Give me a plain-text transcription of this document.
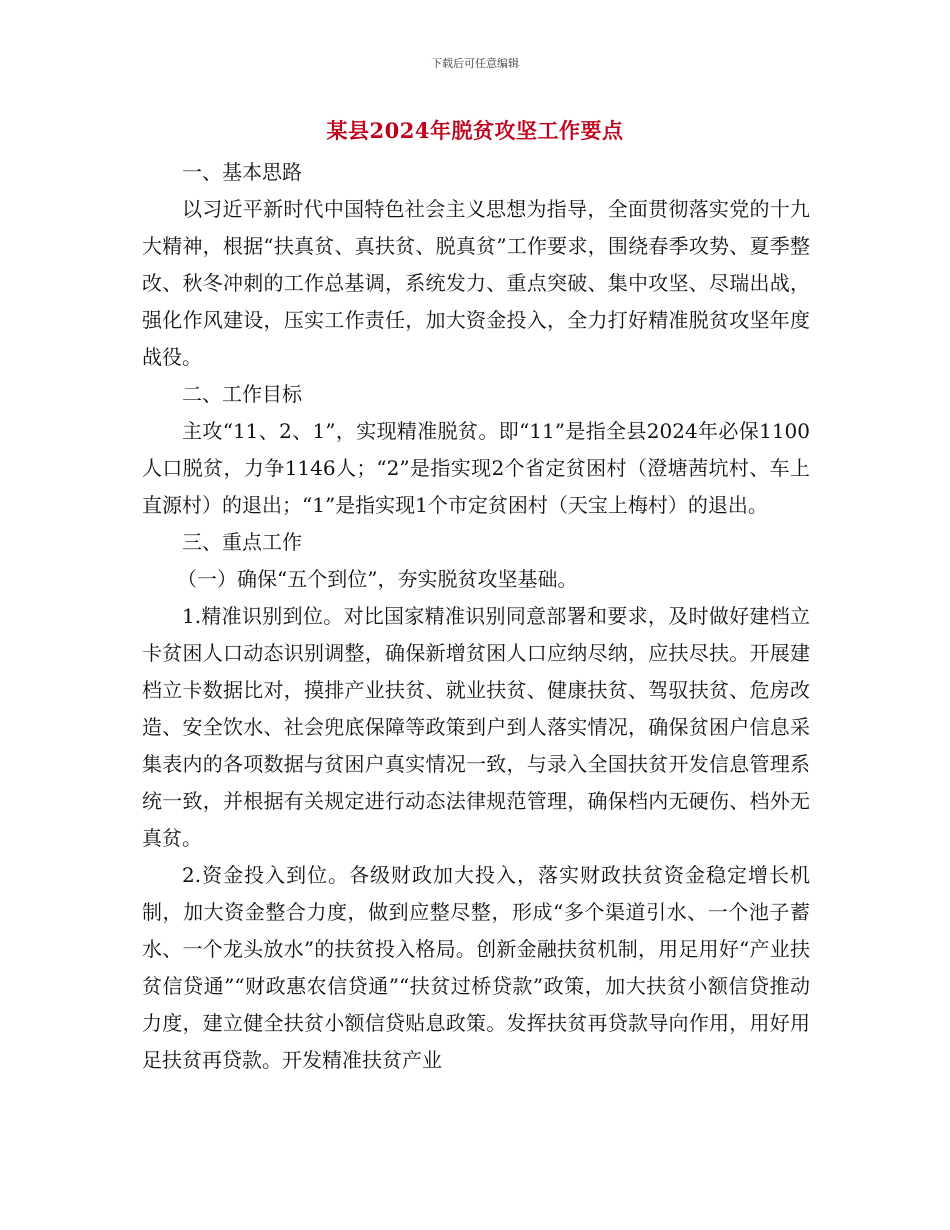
下载后可任意编辑
某县2024年脱贫攻坚工作要点

一、基本思路

以习近平新时代中国特色社会主义思想为指导，全面贯彻落实党的十九大精神，根据“扶真贫、真扶贫、脱真贫”工作要求，围绕春季攻势、夏季整改、秋冬冲刺的工作总基调，系统发力、重点突破、集中攻坚、尽瑞出战，强化作风建设，压实工作责任，加大资金投入，全力打好精准脱贫攻坚年度战役。

二、工作目标

主攻“11、2、1”，实现精准脱贫。即“11”是指全县2024年必保1100人口脱贫，力争1146人；“2”是指实现2个省定贫困村（澄塘茜坑村、车上直源村）的退出；“1”是指实现1个市定贫困村（天宝上梅村）的退出。

三、重点工作

（一）确保“五个到位”，夯实脱贫攻坚基础。

1.精准识别到位。对比国家精准识别同意部署和要求，及时做好建档立卡贫困人口动态识别调整，确保新增贫困人口应纳尽纳，应扶尽扶。开展建档立卡数据比对，摸排产业扶贫、就业扶贫、健康扶贫、驾驭扶贫、危房改造、安全饮水、社会兜底保障等政策到户到人落实情况，确保贫困户信息采集表内的各项数据与贫困户真实情况一致，与录入全国扶贫开发信息管理系统一致，并根据有关规定进行动态法律规范管理，确保档内无硬伤、档外无真贫。

2.资金投入到位。各级财政加大投入，落实财政扶贫资金稳定增长机制，加大资金整合力度，做到应整尽整，形成“多个渠道引水、一个池子蓄水、一个龙头放水”的扶贫投入格局。创新金融扶贫机制，用足用好“产业扶贫信贷通”“财政惠农信贷通”“扶贫过桥贷款”政策，加大扶贫小额信贷推动力度，建立健全扶贫小额信贷贴息政策。发挥扶贫再贷款导向作用，用好用足扶贫再贷款。开发精准扶贫产业
